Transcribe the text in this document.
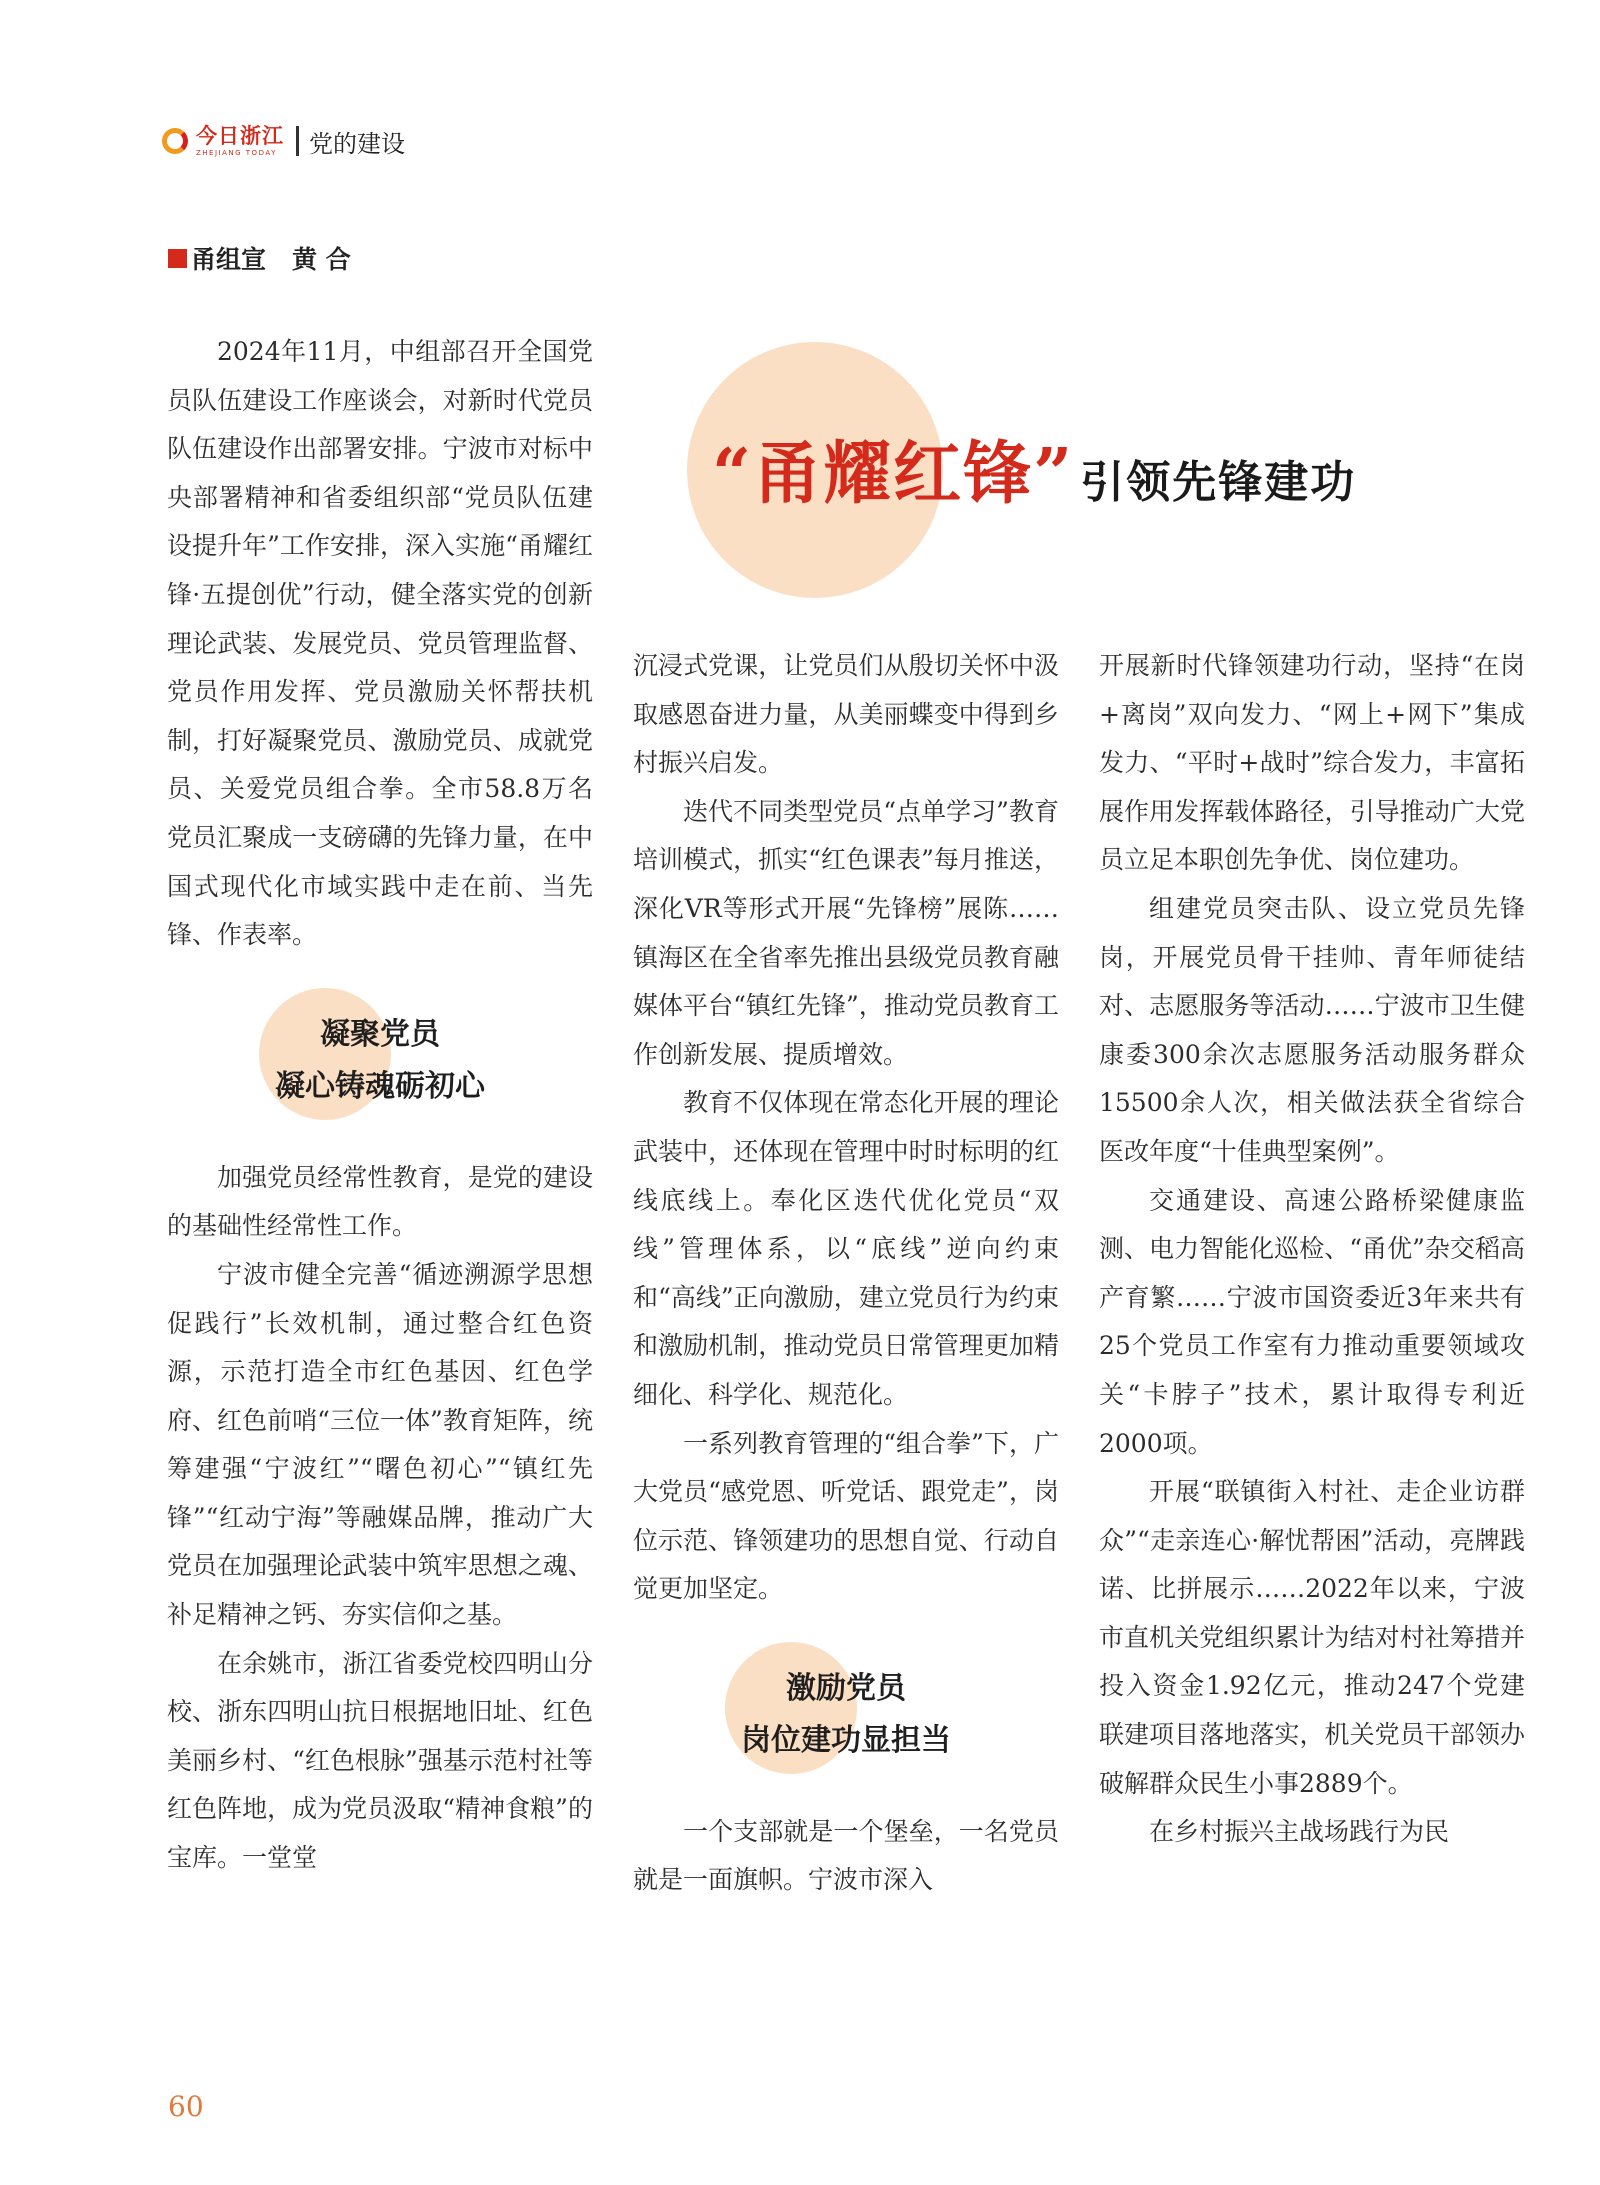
今日浙江
ZHEJIANG TODAY 党的建设
甬组宣 黄 合
“甬耀红锋” 引领先锋建功

2024年11月，中组部召开全国党员队伍建设工作座谈会，对新时代党员队伍建设作出部署安排。宁波市对标中央部署精神和省委组织部“党员队伍建设提升年”工作安排，深入实施“甬耀红锋·五提创优”行动，健全落实党的创新理论武装、发展党员、党员管理监督、党员作用发挥、党员激励关怀帮扶机制，打好凝聚党员、激励党员、成就党员、关爱党员组合拳。全市58.8万名党员汇聚成一支磅礴的先锋力量，在中国式现代化市域实践中走在前、当先锋、作表率。

凝聚党员
凝心铸魂砺初心

加强党员经常性教育，是党的建设的基础性经常性工作。

宁波市健全完善“循迹溯源学思想促践行”长效机制，通过整合红色资源，示范打造全市红色基因、红色学府、红色前哨“三位一体”教育矩阵，统筹建强“宁波红”“曙色初心”“镇红先锋”“红动宁海”等融媒品牌，推动广大党员在加强理论武装中筑牢思想之魂、补足精神之钙、夯实信仰之基。

在余姚市，浙江省委党校四明山分校、浙东四明山抗日根据地旧址、红色美丽乡村、“红色根脉”强基示范村社等红色阵地，成为党员汲取“精神食粮”的宝库。一堂堂

沉浸式党课，让党员们从殷切关怀中汲取感恩奋进力量，从美丽蝶变中得到乡村振兴启发。

迭代不同类型党员“点单学习”教育培训模式，抓实“红色课表”每月推送，深化VR等形式开展“先锋榜”展陈……镇海区在全省率先推出县级党员教育融媒体平台“镇红先锋”，推动党员教育工作创新发展、提质增效。

教育不仅体现在常态化开展的理论武装中，还体现在管理中时时标明的红线底线上。奉化区迭代优化党员“双线”管理体系，以“底线”逆向约束和“高线”正向激励，建立党员行为约束和激励机制，推动党员日常管理更加精细化、科学化、规范化。

一系列教育管理的“组合拳”下，广大党员“感党恩、听党话、跟党走”，岗位示范、锋领建功的思想自觉、行动自觉更加坚定。

激励党员
岗位建功显担当

一个支部就是一个堡垒，一名党员就是一面旗帜。宁波市深入

开展新时代锋领建功行动，坚持“在岗+离岗”双向发力、“网上+网下”集成发力、“平时+战时”综合发力，丰富拓展作用发挥载体路径，引导推动广大党员立足本职创先争优、岗位建功。

组建党员突击队、设立党员先锋岗，开展党员骨干挂帅、青年师徒结对、志愿服务等活动……宁波市卫生健康委300余次志愿服务活动服务群众15500余人次，相关做法获全省综合医改年度“十佳典型案例”。

交通建设、高速公路桥梁健康监测、电力智能化巡检、“甬优”杂交稻高产育繁……宁波市国资委近3年来共有25个党员工作室有力推动重要领域攻关“卡脖子”技术，累计取得专利近2000项。

开展“联镇街入村社、走企业访群众”“走亲连心·解忧帮困”活动，亮牌践诺、比拼展示……2022年以来，宁波市直机关党组织累计为结对村社筹措并投入资金1.92亿元，推动247个党建联建项目落地落实，机关党员干部领办破解群众民生小事2889个。

在乡村振兴主战场践行为民

60
